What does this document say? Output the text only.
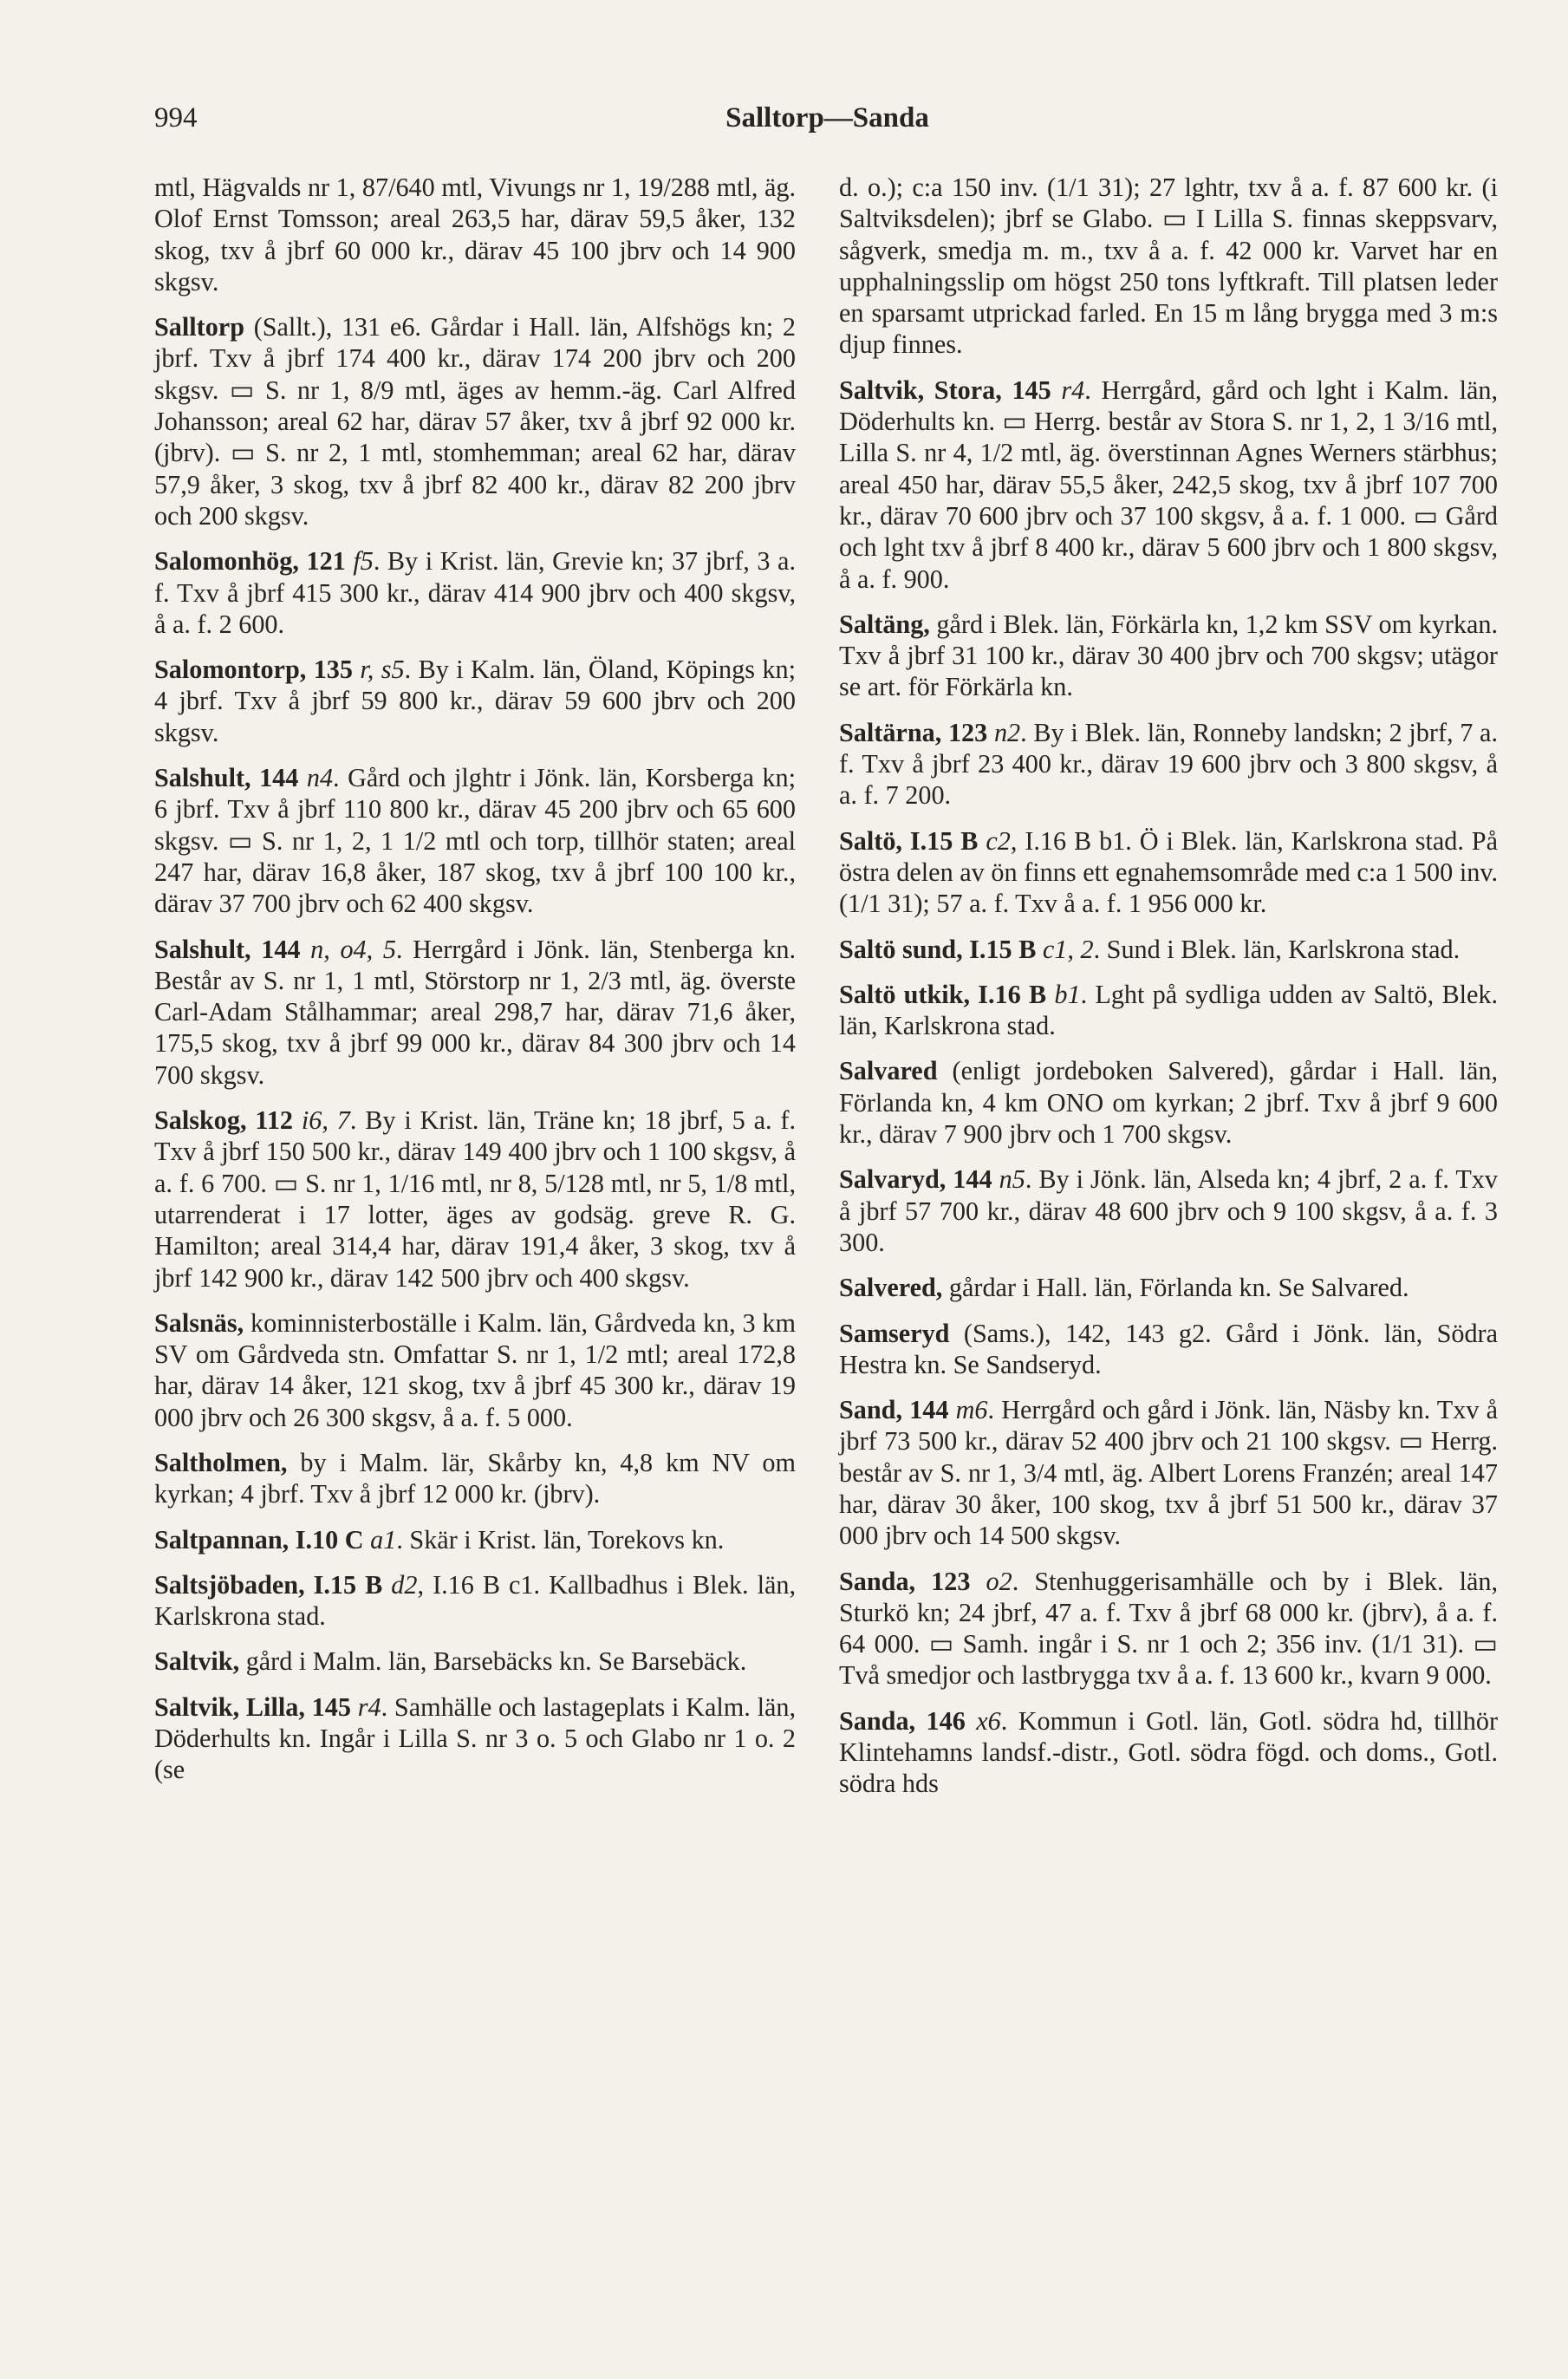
994	Salltorp—Sanda

mtl, Hägvalds nr 1, 87/640 mtl, Vivungs nr 1, 19/288 mtl, äg. Olof Ernst Tomsson; areal 263,5 har, därav 59,5 åker, 132 skog, txv å jbrf 60 000 kr., därav 45 100 jbrv och 14 900 skgsv.

Salltorp (Sallt.), 131 e6. Gårdar i Hall. län, Alfshögs kn; 2 jbrf. Txv å jbrf 174 400 kr., därav 174 200 jbrv och 200 skgsv. ▭ S. nr 1, 8/9 mtl, äges av hemm.-äg. Carl Alfred Johansson; areal 62 har, därav 57 åker, txv å jbrf 92 000 kr. (jbrv). ▭ S. nr 2, 1 mtl, stomhemman; areal 62 har, därav 57,9 åker, 3 skog, txv å jbrf 82 400 kr., därav 82 200 jbrv och 200 skgsv.

Salomonhög, 121 f5. By i Krist. län, Grevie kn; 37 jbrf, 3 a. f. Txv å jbrf 415 300 kr., därav 414 900 jbrv och 400 skgsv, å a. f. 2 600.

Salomontorp, 135 r, s5. By i Kalm. län, Öland, Köpings kn; 4 jbrf. Txv å jbrf 59 800 kr., därav 59 600 jbrv och 200 skgsv.

Salshult, 144 n4. Gård och jlghtr i Jönk. län, Korsberga kn; 6 jbrf. Txv å jbrf 110 800 kr., därav 45 200 jbrv och 65 600 skgsv. ▭ S. nr 1, 2, 1 1/2 mtl och torp, tillhör staten; areal 247 har, därav 16,8 åker, 187 skog, txv å jbrf 100 100 kr., därav 37 700 jbrv och 62 400 skgsv.

Salshult, 144 n, o4, 5. Herrgård i Jönk. län, Stenberga kn. Består av S. nr 1, 1 mtl, Störstorp nr 1, 2/3 mtl, äg. överste Carl-Adam Stålhammar; areal 298,7 har, därav 71,6 åker, 175,5 skog, txv å jbrf 99 000 kr., därav 84 300 jbrv och 14 700 skgsv.

Salskog, 112 i6, 7. By i Krist. län, Träne kn; 18 jbrf, 5 a. f. Txv å jbrf 150 500 kr., därav 149 400 jbrv och 1 100 skgsv, å a. f. 6 700. ▭ S. nr 1, 1/16 mtl, nr 8, 5/128 mtl, nr 5, 1/8 mtl, utarrenderat i 17 lotter, äges av godsäg. greve R. G. Hamilton; areal 314,4 har, därav 191,4 åker, 3 skog, txv å jbrf 142 900 kr., därav 142 500 jbrv och 400 skgsv.

Salsnäs, kominnisterboställe i Kalm. län, Gårdveda kn, 3 km SV om Gårdveda stn. Omfattar S. nr 1, 1/2 mtl; areal 172,8 har, därav 14 åker, 121 skog, txv å jbrf 45 300 kr., därav 19 000 jbrv och 26 300 skgsv, å a. f. 5 000.

Saltholmen, by i Malm. lär, Skårby kn, 4,8 km NV om kyrkan; 4 jbrf. Txv å jbrf 12 000 kr. (jbrv).

Saltpannan, I.10 C a1. Skär i Krist. län, Torekovs kn.

Saltsjöbaden, I.15 B d2, I.16 B c1. Kallbadhus i Blek. län, Karlskrona stad.

Saltvik, gård i Malm. län, Barsebäcks kn. Se Barsebäck.

Saltvik, Lilla, 145 r4. Samhälle och lastageplats i Kalm. län, Döderhults kn. Ingår i Lilla S. nr 3 o. 5 och Glabo nr 1 o. 2 (se

d. o.); c:a 150 inv. (1/1 31); 27 lghtr, txv å a. f. 87 600 kr. (i Saltviksdelen); jbrf se Glabo. ▭ I Lilla S. finnas skeppsvarv, sågverk, smedja m. m., txv å a. f. 42 000 kr. Varvet har en upphalningsslip om högst 250 tons lyftkraft. Till platsen leder en sparsamt utprickad farled. En 15 m lång brygga med 3 m:s djup finnes.

Saltvik, Stora, 145 r4. Herrgård, gård och lght i Kalm. län, Döderhults kn. ▭ Herrg. består av Stora S. nr 1, 2, 1 3/16 mtl, Lilla S. nr 4, 1/2 mtl, äg. överstinnan Agnes Werners stärbhus; areal 450 har, därav 55,5 åker, 242,5 skog, txv å jbrf 107 700 kr., därav 70 600 jbrv och 37 100 skgsv, å a. f. 1 000. ▭ Gård och lght txv å jbrf 8 400 kr., därav 5 600 jbrv och 1 800 skgsv, å a. f. 900.

Saltäng, gård i Blek. län, Förkärla kn, 1,2 km SSV om kyrkan. Txv å jbrf 31 100 kr., därav 30 400 jbrv och 700 skgsv; utägor se art. för Förkärla kn.

Saltärna, 123 n2. By i Blek. län, Ronneby landskn; 2 jbrf, 7 a. f. Txv å jbrf 23 400 kr., därav 19 600 jbrv och 3 800 skgsv, å a. f. 7 200.

Saltö, I.15 B c2, I.16 B b1. Ö i Blek. län, Karlskrona stad. På östra delen av ön finns ett egnahemsområde med c:a 1 500 inv. (1/1 31); 57 a. f. Txv å a. f. 1 956 000 kr.

Saltö sund, I.15 B c1, 2. Sund i Blek. län, Karlskrona stad.

Saltö utkik, I.16 B b1. Lght på sydliga udden av Saltö, Blek. län, Karlskrona stad.

Salvared (enligt jordeboken Salvered), gårdar i Hall. län, Förlanda kn, 4 km ONO om kyrkan; 2 jbrf. Txv å jbrf 9 600 kr., därav 7 900 jbrv och 1 700 skgsv.

Salvaryd, 144 n5. By i Jönk. län, Alseda kn; 4 jbrf, 2 a. f. Txv å jbrf 57 700 kr., därav 48 600 jbrv och 9 100 skgsv, å a. f. 3 300.

Salvered, gårdar i Hall. län, Förlanda kn. Se Salvared.

Samseryd (Sams.), 142, 143 g2. Gård i Jönk. län, Södra Hestra kn. Se Sandseryd.

Sand, 144 m6. Herrgård och gård i Jönk. län, Näsby kn. Txv å jbrf 73 500 kr., därav 52 400 jbrv och 21 100 skgsv. ▭ Herrg. består av S. nr 1, 3/4 mtl, äg. Albert Lorens Franzén; areal 147 har, därav 30 åker, 100 skog, txv å jbrf 51 500 kr., därav 37 000 jbrv och 14 500 skgsv.

Sanda, 123 o2. Stenhuggerisamhälle och by i Blek. län, Sturkö kn; 24 jbrf, 47 a. f. Txv å jbrf 68 000 kr. (jbrv), å a. f. 64 000. ▭ Samh. ingår i S. nr 1 och 2; 356 inv. (1/1 31). ▭ Två smedjor och lastbrygga txv å a. f. 13 600 kr., kvarn 9 000.

Sanda, 146 x6. Kommun i Gotl. län, Gotl. södra hd, tillhör Klintehamns landsf.-distr., Gotl. södra fögd. och doms., Gotl. södra hds
